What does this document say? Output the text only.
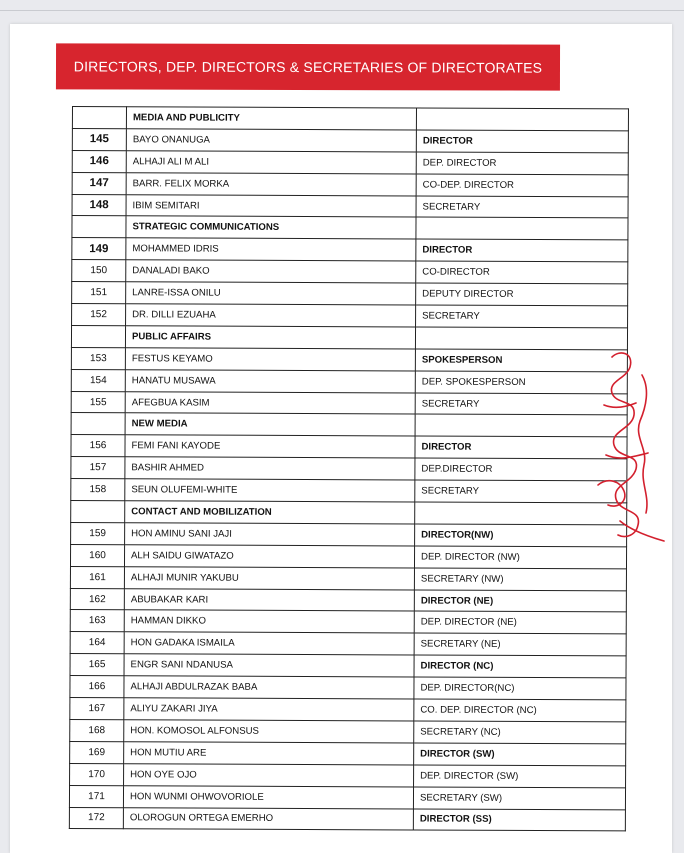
DIRECTORS, DEP. DIRECTORS & SECRETARIES OF DIRECTORATES
	MEDIA AND PUBLICITY	
145	BAYO ONANUGA	DIRECTOR
146	ALHAJI ALI M ALI	DEP. DIRECTOR
147	BARR. FELIX MORKA	CO-DEP. DIRECTOR
148	IBIM SEMITARI	SECRETARY
	STRATEGIC COMMUNICATIONS	
149	MOHAMMED IDRIS	DIRECTOR
150	DANALADI BAKO	CO-DIRECTOR
151	LANRE-ISSA ONILU	DEPUTY DIRECTOR
152	DR. DILLI EZUAHA	SECRETARY
	PUBLIC AFFAIRS	
153	FESTUS KEYAMO	SPOKESPERSON
154	HANATU MUSAWA	DEP. SPOKESPERSON
155	AFEGBUA KASIM	SECRETARY
	NEW MEDIA	
156	FEMI FANI KAYODE	DIRECTOR
157	BASHIR AHMED	DEP.DIRECTOR
158	SEUN OLUFEMI-WHITE	SECRETARY
	CONTACT AND MOBILIZATION	
159	HON AMINU SANI JAJI	DIRECTOR(NW)
160	ALH SAIDU GIWATAZO	DEP. DIRECTOR (NW)
161	ALHAJI MUNIR YAKUBU	SECRETARY (NW)
162	ABUBAKAR KARI	DIRECTOR (NE)
163	HAMMAN DIKKO	DEP. DIRECTOR (NE)
164	HON GADAKA ISMAILA	SECRETARY (NE)
165	ENGR SANI NDANUSA	DIRECTOR (NC)
166	ALHAJI ABDULRAZAK BABA	DEP. DIRECTOR(NC)
167	ALIYU ZAKARI JIYA	CO. DEP. DIRECTOR (NC)
168	HON. KOMOSOL ALFONSUS	SECRETARY (NC)
169	HON MUTIU ARE	DIRECTOR (SW)
170	HON OYE OJO	DEP. DIRECTOR (SW)
171	HON WUNMI OHWOVORIOLE	SECRETARY (SW)
172	OLOROGUN ORTEGA EMERHO	DIRECTOR (SS)
